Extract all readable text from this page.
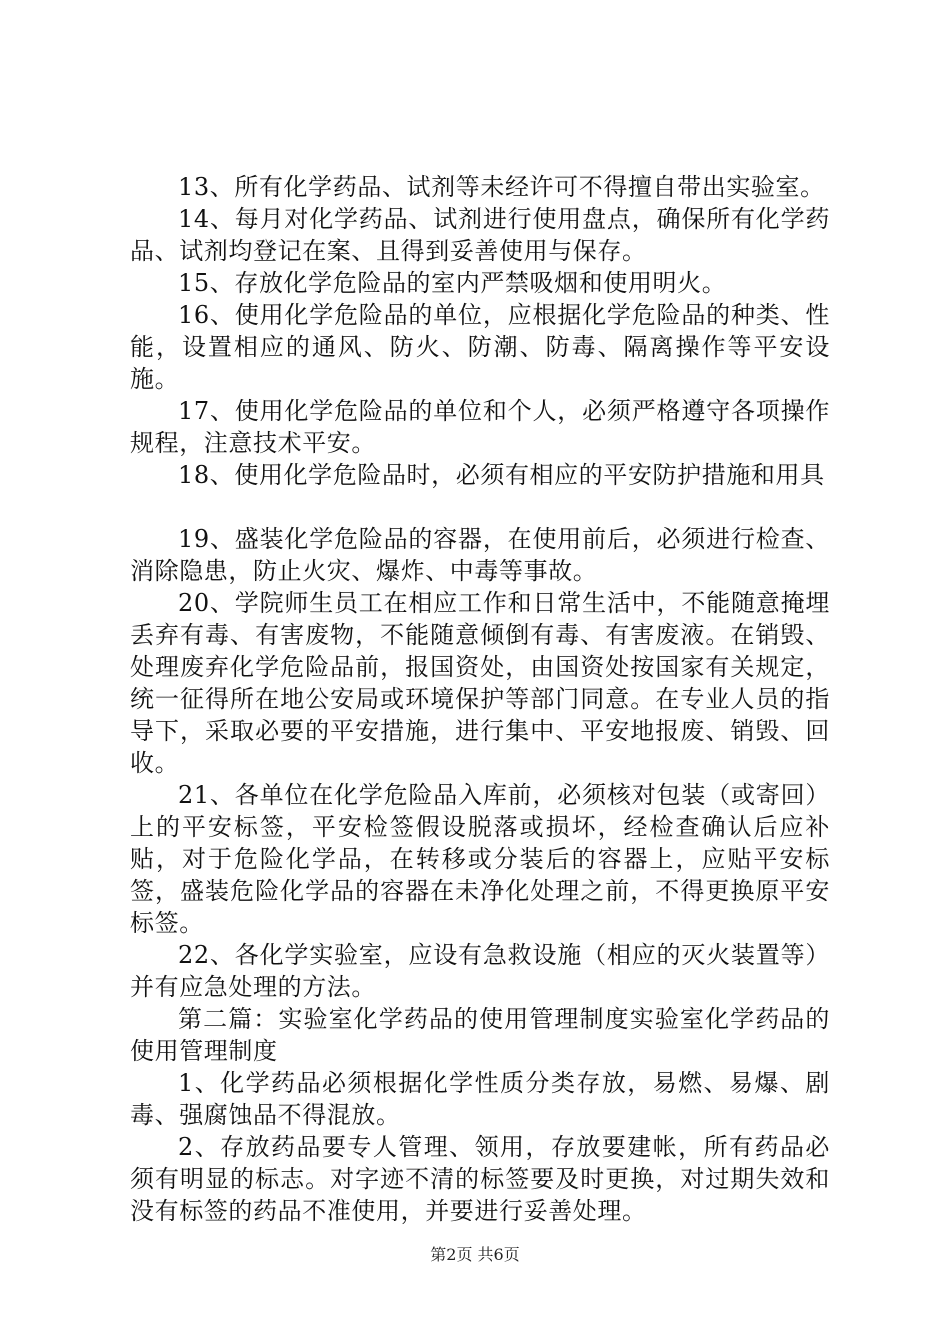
13、所有化学药品、试剂等未经许可不得擅自带出实验室。

14、每月对化学药品、试剂进行使用盘点，确保所有化学药品、试剂均登记在案、且得到妥善使用与保存。

15、存放化学危险品的室内严禁吸烟和使用明火。

16、使用化学危险品的单位，应根据化学危险品的种类、性能，设置相应的通风、防火、防潮、防毒、隔离操作等平安设施。

17、使用化学危险品的单位和个人，必须严格遵守各项操作规程，注意技术平安。

18、使用化学危险品时，必须有相应的平安防护措施和用具

19、盛装化学危险品的容器，在使用前后，必须进行检查、消除隐患，防止火灾、爆炸、中毒等事故。

20、学院师生员工在相应工作和日常生活中，不能随意掩埋丢弃有毒、有害废物，不能随意倾倒有毒、有害废液。在销毁、处理废弃化学危险品前，报国资处，由国资处按国家有关规定，统一征得所在地公安局或环境保护等部门同意。在专业人员的指导下，采取必要的平安措施，进行集中、平安地报废、销毁、回收。

21、各单位在化学危险品入库前，必须核对包装（或寄回）上的平安标签，平安检签假设脱落或损坏，经检查确认后应补贴，对于危险化学品，在转移或分装后的容器上，应贴平安标签，盛装危险化学品的容器在未净化处理之前，不得更换原平安标签。

22、各化学实验室，应设有急救设施（相应的灭火装置等）并有应急处理的方法。

第二篇：实验室化学药品的使用管理制度实验室化学药品的使用管理制度

1、化学药品必须根据化学性质分类存放，易燃、易爆、剧毒、强腐蚀品不得混放。

2、存放药品要专人管理、领用，存放要建帐，所有药品必须有明显的标志。对字迹不清的标签要及时更换，对过期失效和没有标签的药品不准使用，并要进行妥善处理。

第2页 共6页
